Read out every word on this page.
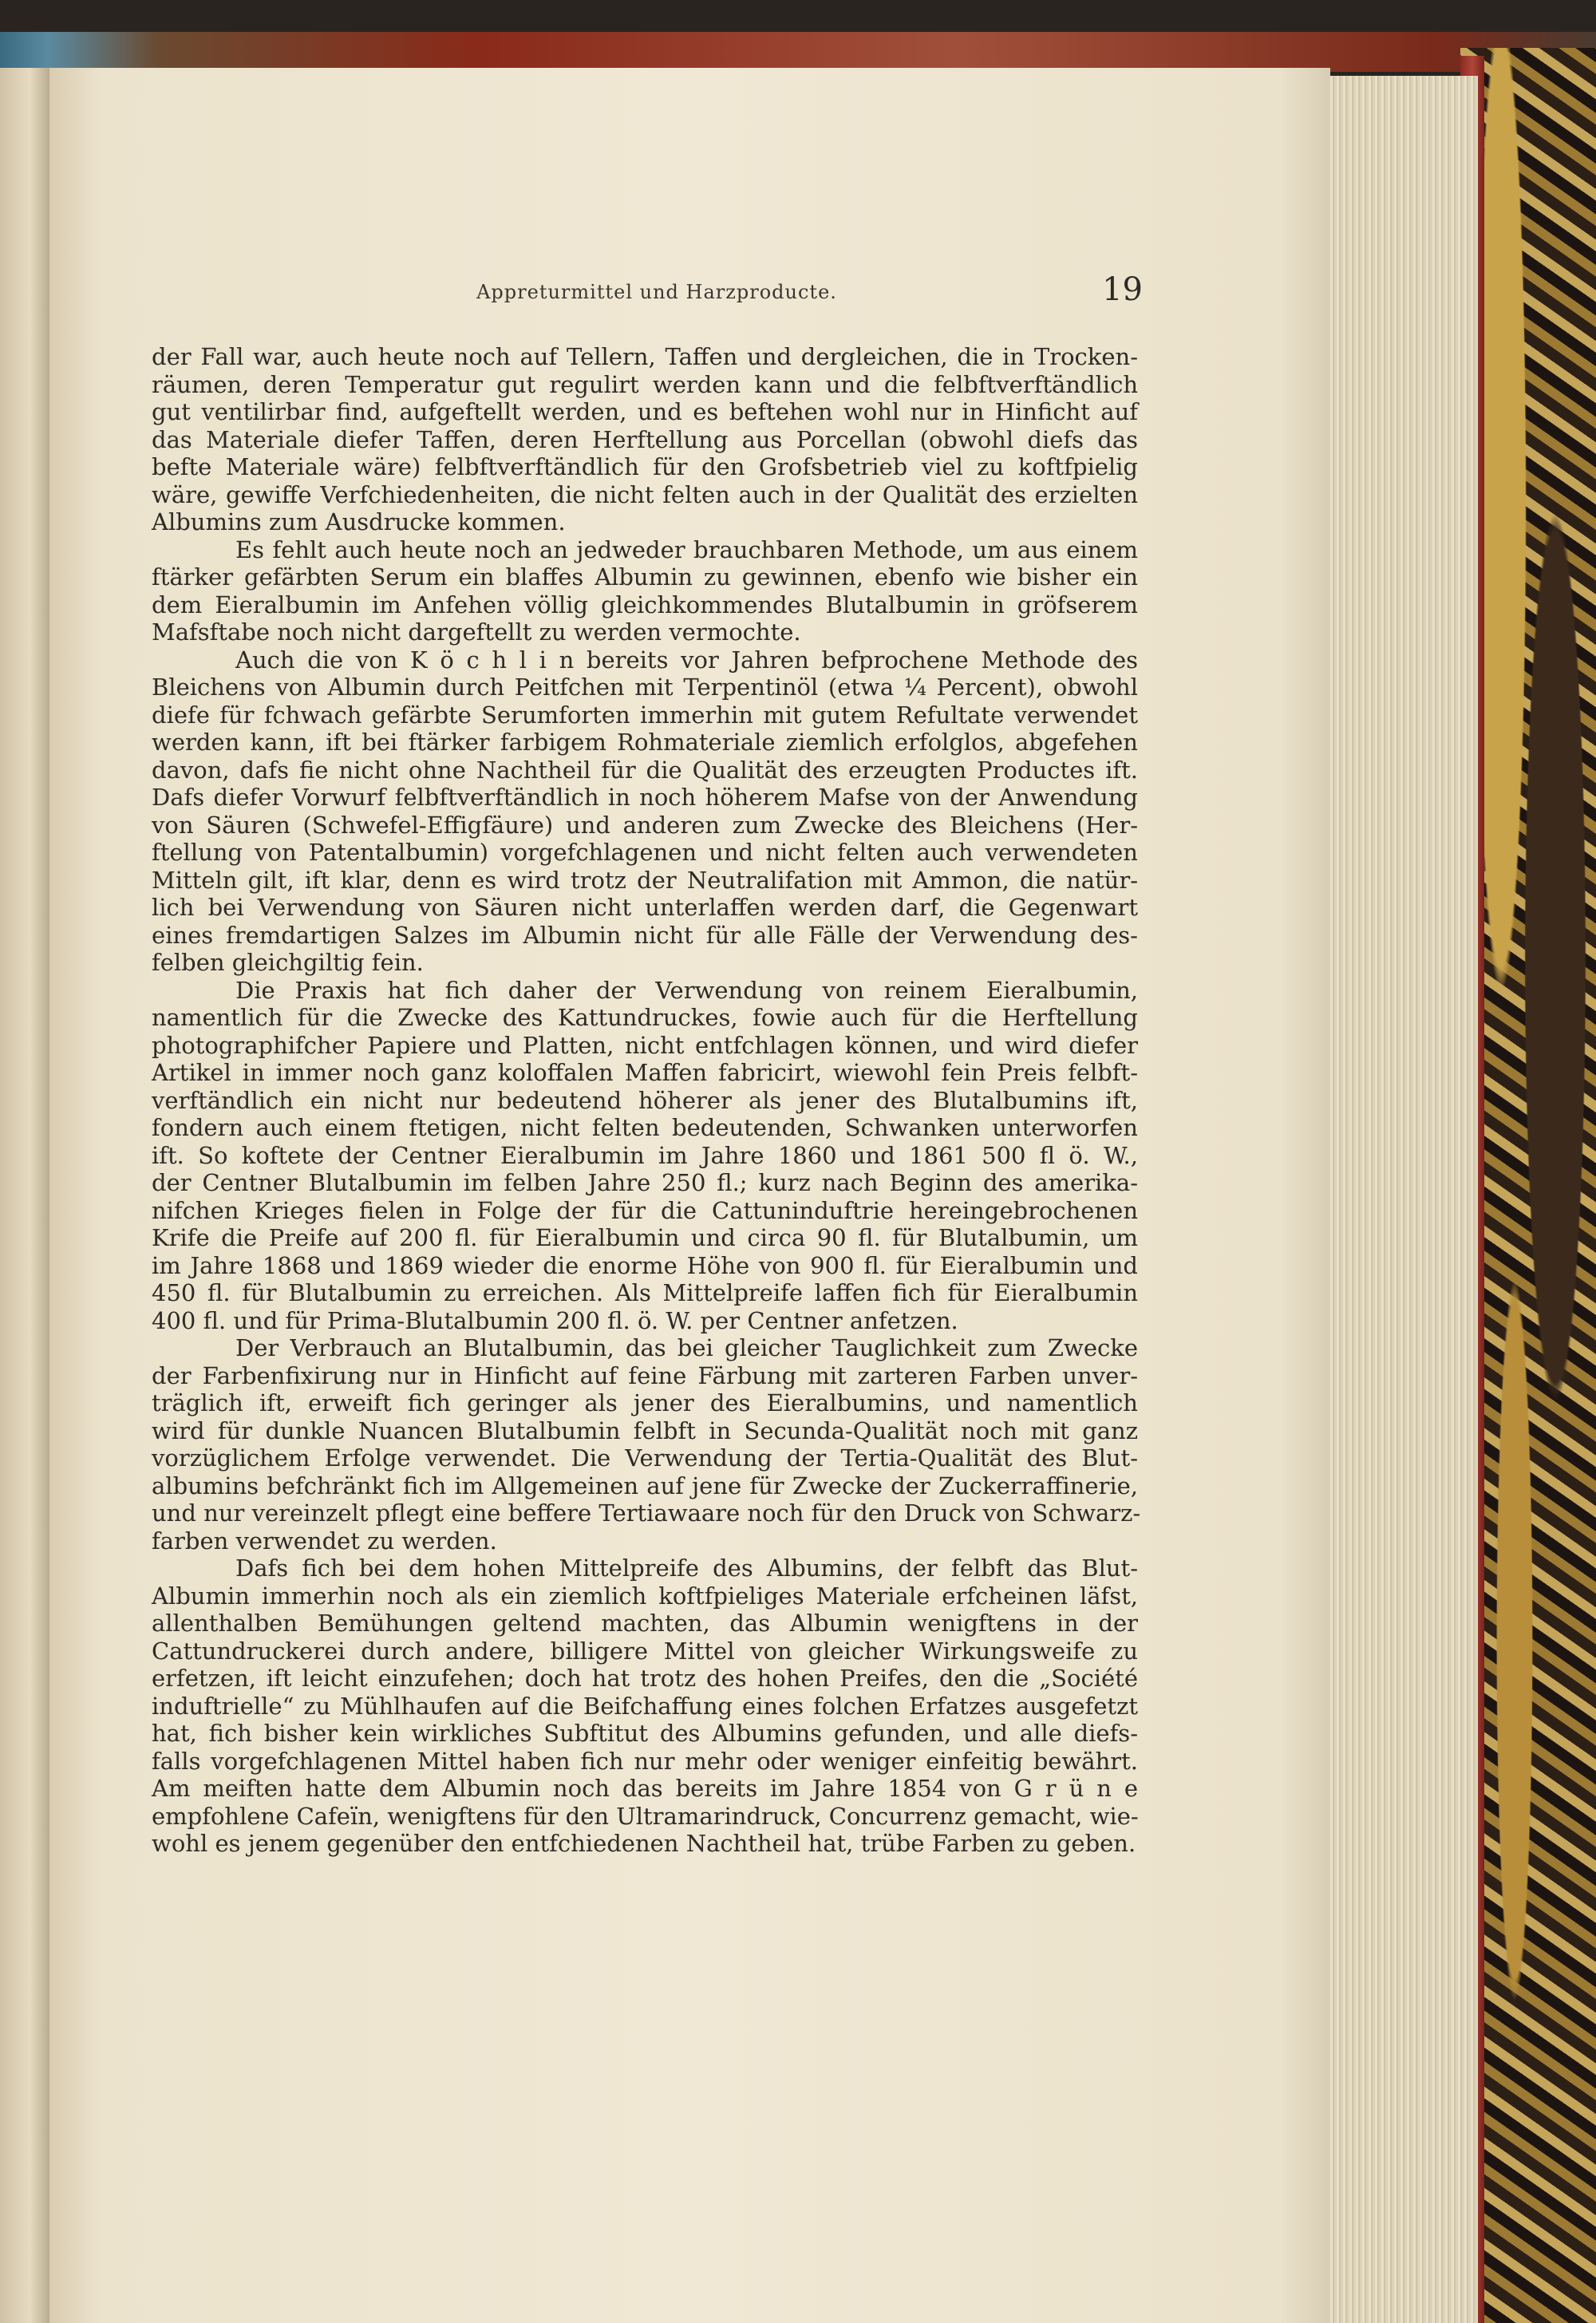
Appreturmittel und Harzproducte.	19
der Fall war, auch heute noch auf Tellern, Taffen und dergleichen, die in Trocken-
räumen, deren Temperatur gut regulirt werden kann und die felbftverftändlich
gut ventilirbar find, aufgeftellt werden, und es beftehen wohl nur in Hinficht auf
das Materiale diefer Taffen, deren Herftellung aus Porcellan (obwohl diefs das
befte Materiale wäre) felbftverftändlich für den Grofsbetrieb viel zu koftfpielig
wäre, gewiffe Verfchiedenheiten, die nicht felten auch in der Qualität des erzielten
Albumins zum Ausdrucke kommen.
Es fehlt auch heute noch an jedweder brauchbaren Methode, um aus einem
ftärker gefärbten Serum ein blaffes Albumin zu gewinnen, ebenfo wie bisher ein
dem Eieralbumin im Anfehen völlig gleichkommendes Blutalbumin in gröfserem
Mafsftabe noch nicht dargeftellt zu werden vermochte.
Auch die von K ö c h l i n bereits vor Jahren befprochene Methode des
Bleichens von Albumin durch Peitfchen mit Terpentinöl (etwa ¼ Percent), obwohl
diefe für fchwach gefärbte Serumforten immerhin mit gutem Refultate verwendet
werden kann, ift bei ftärker farbigem Rohmateriale ziemlich erfolglos, abgefehen
davon, dafs fie nicht ohne Nachtheil für die Qualität des erzeugten Productes ift.
Dafs diefer Vorwurf felbftverftändlich in noch höherem Mafse von der Anwendung
von Säuren (Schwefel-Effigfäure) und anderen zum Zwecke des Bleichens (Her-
ftellung von Patentalbumin) vorgefchlagenen und nicht felten auch verwendeten
Mitteln gilt, ift klar, denn es wird trotz der Neutralifation mit Ammon, die natür-
lich bei Verwendung von Säuren nicht unterlaffen werden darf, die Gegenwart
eines fremdartigen Salzes im Albumin nicht für alle Fälle der Verwendung des-
felben gleichgiltig fein.
Die Praxis hat fich daher der Verwendung von reinem Eieralbumin,
namentlich für die Zwecke des Kattundruckes, fowie auch für die Herftellung
photographifcher Papiere und Platten, nicht entfchlagen können, und wird diefer
Artikel in immer noch ganz koloffalen Maffen fabricirt, wiewohl fein Preis felbft-
verftändlich ein nicht nur bedeutend höherer als jener des Blutalbumins ift,
fondern auch einem ftetigen, nicht felten bedeutenden, Schwanken unterworfen
ift. So koftete der Centner Eieralbumin im Jahre 1860 und 1861 500 fl ö. W.,
der Centner Blutalbumin im felben Jahre 250 fl.; kurz nach Beginn des amerika-
nifchen Krieges fielen in Folge der für die Cattuninduftrie hereingebrochenen
Krife die Preife auf 200 fl. für Eieralbumin und circa 90 fl. für Blutalbumin, um
im Jahre 1868 und 1869 wieder die enorme Höhe von 900 fl. für Eieralbumin und
450 fl. für Blutalbumin zu erreichen. Als Mittelpreife laffen fich für Eieralbumin
400 fl. und für Prima-Blutalbumin 200 fl. ö. W. per Centner anfetzen.
Der Verbrauch an Blutalbumin, das bei gleicher Tauglichkeit zum Zwecke
der Farbenfixirung nur in Hinficht auf feine Färbung mit zarteren Farben unver-
träglich ift, erweift fich geringer als jener des Eieralbumins, und namentlich
wird für dunkle Nuancen Blutalbumin felbft in Secunda-Qualität noch mit ganz
vorzüglichem Erfolge verwendet. Die Verwendung der Tertia-Qualität des Blut-
albumins befchränkt fich im Allgemeinen auf jene für Zwecke der Zuckerraffinerie,
und nur vereinzelt pflegt eine beffere Tertiawaare noch für den Druck von Schwarz-
farben verwendet zu werden.
Dafs fich bei dem hohen Mittelpreife des Albumins, der felbft das Blut-
Albumin immerhin noch als ein ziemlich koftfpieliges Materiale erfcheinen läfst,
allenthalben Bemühungen geltend machten, das Albumin wenigftens in der
Cattundruckerei durch andere, billigere Mittel von gleicher Wirkungsweife zu
erfetzen, ift leicht einzufehen; doch hat trotz des hohen Preifes, den die „Société
induftrielle“ zu Mühlhaufen auf die Beifchaffung eines folchen Erfatzes ausgefetzt
hat, fich bisher kein wirkliches Subftitut des Albumins gefunden, und alle diefs-
falls vorgefchlagenen Mittel haben fich nur mehr oder weniger einfeitig bewährt.
Am meiften hatte dem Albumin noch das bereits im Jahre 1854 von G r ü n e
empfohlene Cafeïn, wenigftens für den Ultramarindruck, Concurrenz gemacht, wie-
wohl es jenem gegenüber den entfchiedenen Nachtheil hat, trübe Farben zu geben.
